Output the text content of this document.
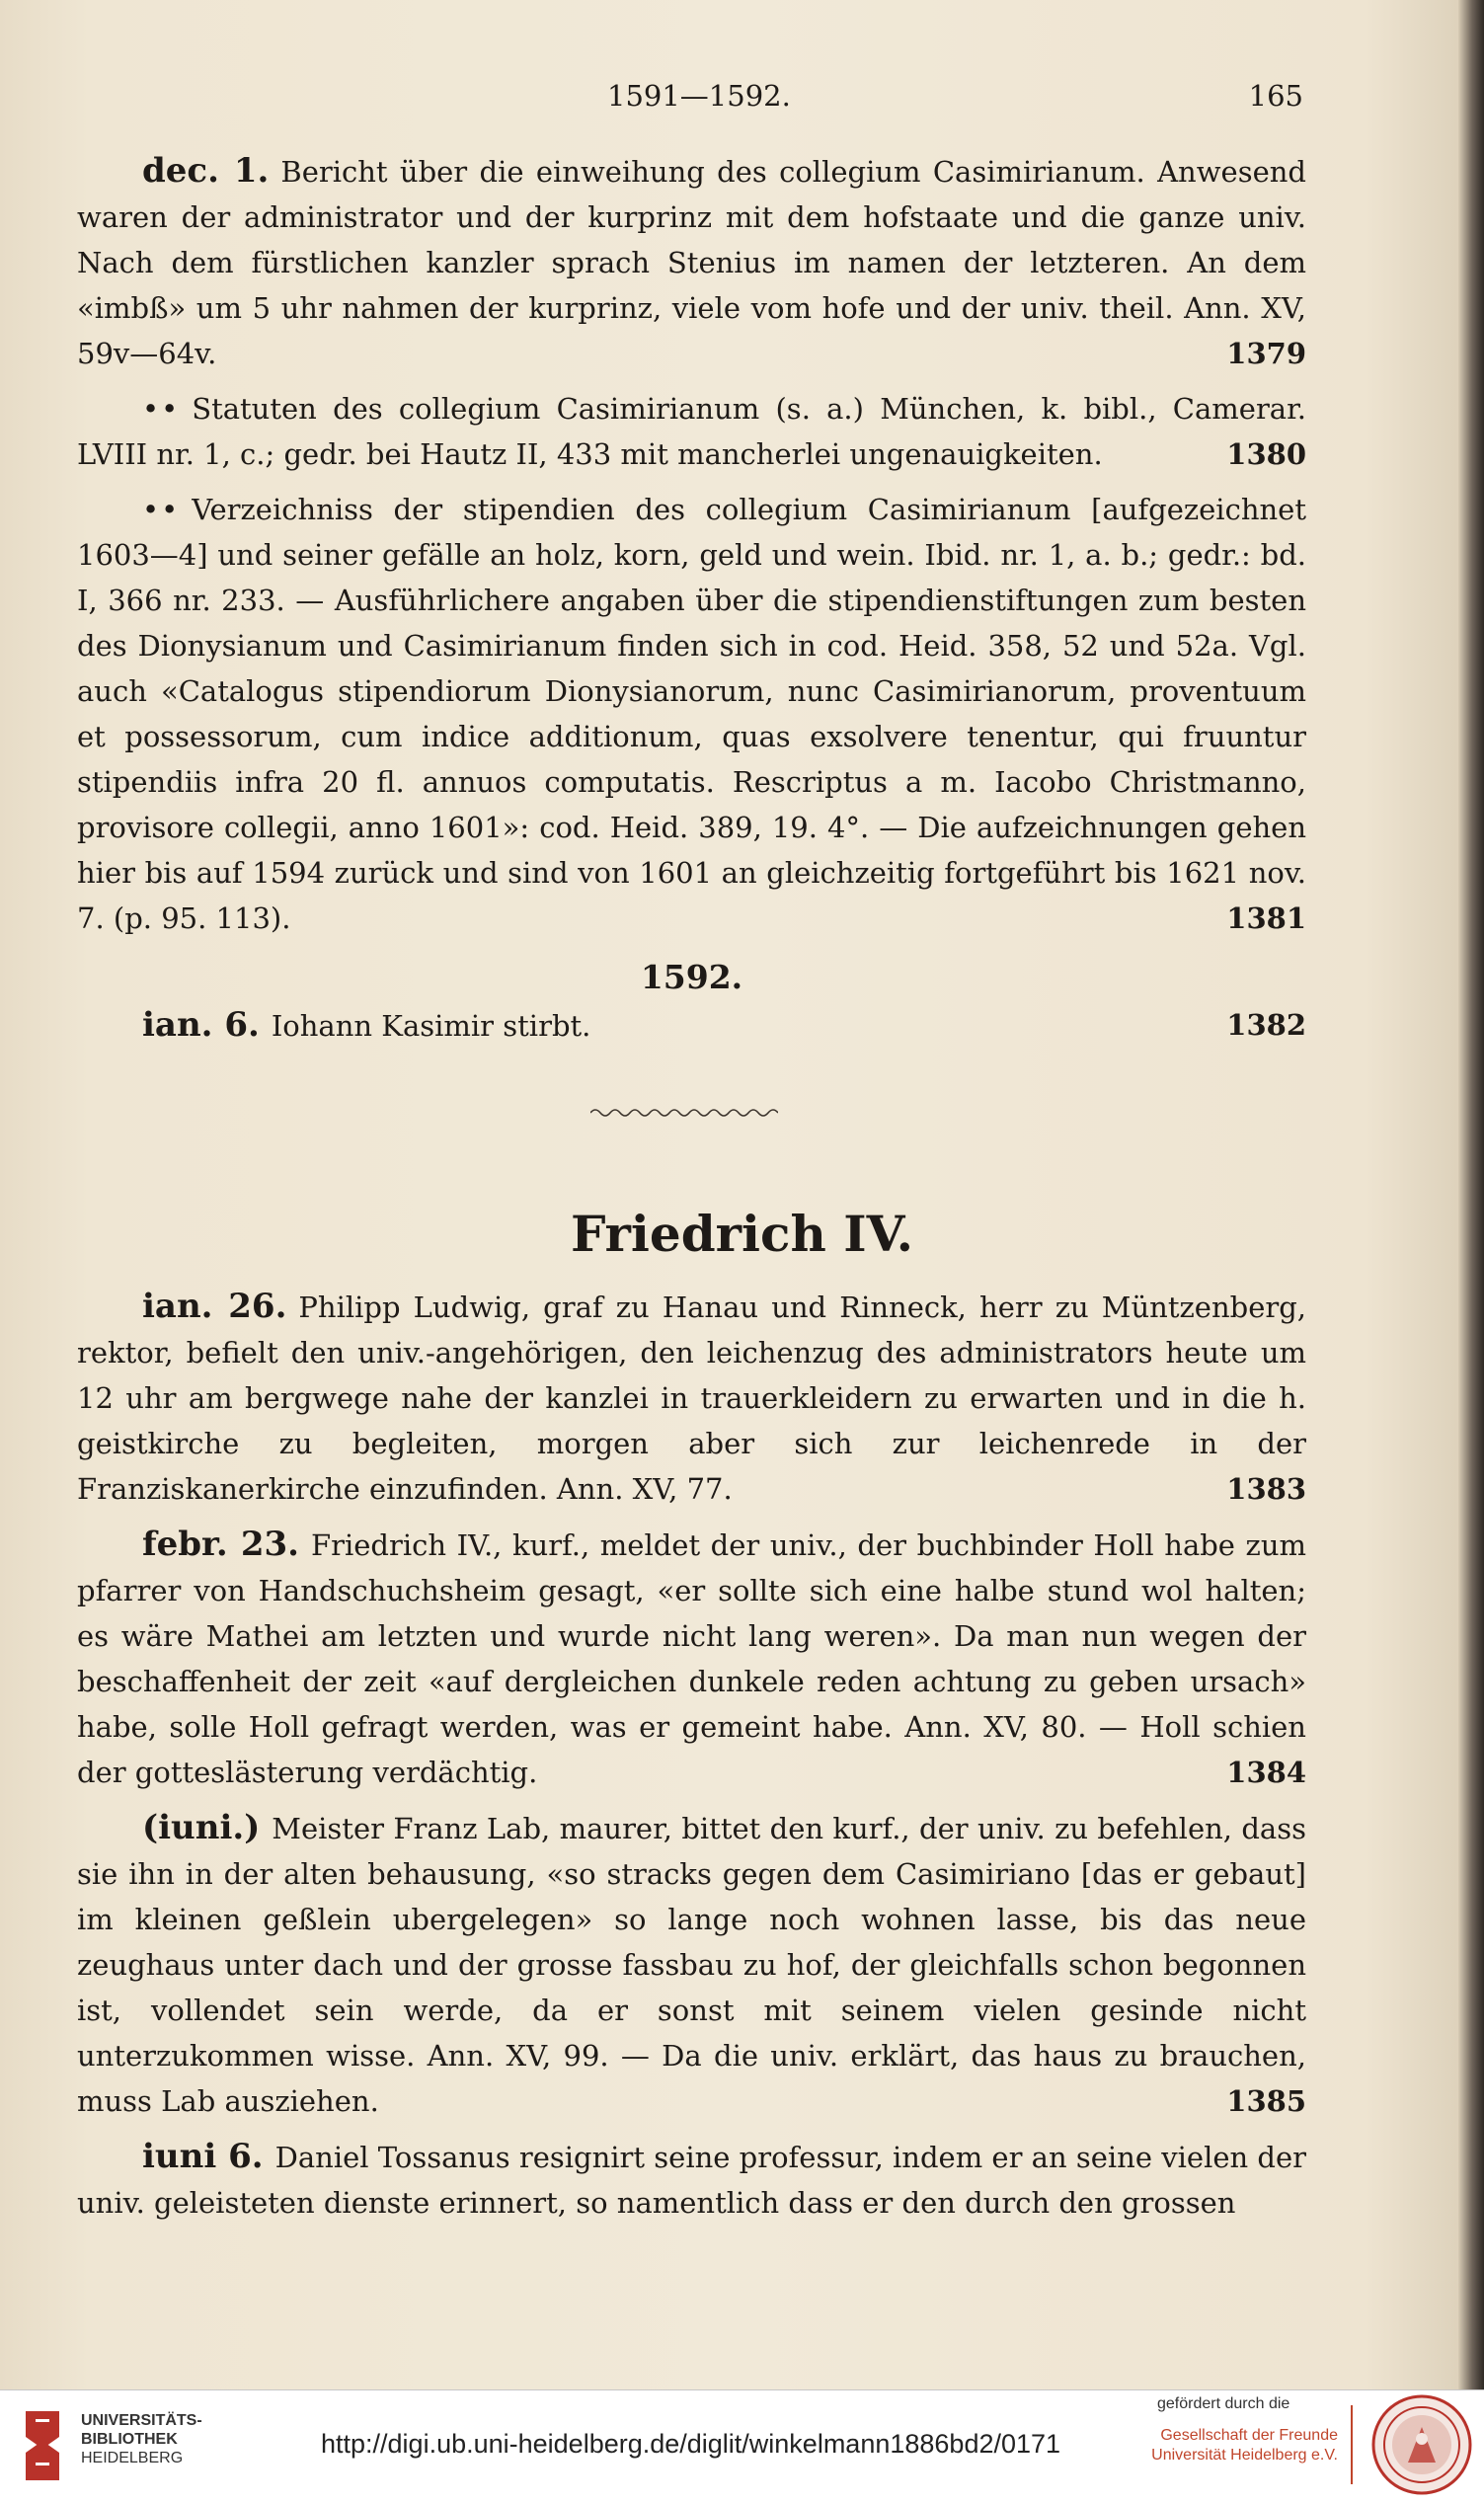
1591—1592.	165

dec. 1. Bericht über die einweihung des collegium Casimirianum. Anwesend waren der administrator und der kurprinz mit dem hofstaate und die ganze univ. Nach dem fürstlichen kanzler sprach Stenius im namen der letzteren. An dem «imbß» um 5 uhr nahmen der kurprinz, viele vom hofe und der univ. theil. Ann. XV, 59v—64v.	1379

•• Statuten des collegium Casimirianum (s. a.) München, k. bibl., Camerar. LVIII nr. 1, c.; gedr. bei Hautz II, 433 mit mancherlei ungenauigkeiten.	1380

•• Verzeichniss der stipendien des collegium Casimirianum [aufgezeichnet 1603—4] und seiner gefälle an holz, korn, geld und wein. Ibid. nr. 1, a. b.; gedr.: bd. I, 366 nr. 233. — Ausführlichere angaben über die stipendienstiftungen zum besten des Dionysianum und Casimirianum finden sich in cod. Heid. 358, 52 und 52a. Vgl. auch «Catalogus stipendiorum Dionysianorum, nunc Casimirianorum, proventuum et possessorum, cum indice additionum, quas exsolvere tenentur, qui fruuntur stipendiis infra 20 fl. annuos computatis. Rescriptus a m. Iacobo Christmanno, provisore collegii, anno 1601»: cod. Heid. 389, 19. 4°. — Die aufzeichnungen gehen hier bis auf 1594 zurück und sind von 1601 an gleichzeitig fortgeführt bis 1621 nov. 7. (p. 95. 113).	1381

1592.

ian. 6. Iohann Kasimir stirbt.	1382

Friedrich IV.

ian. 26. Philipp Ludwig, graf zu Hanau und Rinneck, herr zu Müntzenberg, rektor, befielt den univ.-angehörigen, den leichenzug des administrators heute um 12 uhr am bergwege nahe der kanzlei in trauerkleidern zu erwarten und in die h. geistkirche zu begleiten, morgen aber sich zur leichenrede in der Franziskanerkirche einzufinden. Ann. XV, 77.	1383

febr. 23. Friedrich IV., kurf., meldet der univ., der buchbinder Holl habe zum pfarrer von Handschuchsheim gesagt, «er sollte sich eine halbe stund wol halten; es wäre Mathei am letzten und wurde nicht lang weren». Da man nun wegen der beschaffenheit der zeit «auf dergleichen dunkele reden achtung zu geben ursach» habe, solle Holl gefragt werden, was er gemeint habe. Ann. XV, 80. — Holl schien der gotteslästerung verdächtig.	1384

(iuni.) Meister Franz Lab, maurer, bittet den kurf., der univ. zu befehlen, dass sie ihn in der alten behausung, «so stracks gegen dem Casimiriano [das er gebaut] im kleinen geßlein ubergelegen» so lange noch wohnen lasse, bis das neue zeughaus unter dach und der grosse fassbau zu hof, der gleichfalls schon begonnen ist, vollendet sein werde, da er sonst mit seinem vielen gesinde nicht unterzukommen wisse. Ann. XV, 99. — Da die univ. erklärt, das haus zu brauchen, muss Lab ausziehen.	1385

iuni 6. Daniel Tossanus resignirt seine professur, indem er an seine vielen der univ. geleisteten dienste erinnert, so namentlich dass er den durch den grossen

UNIVERSITÄTS-
BIBLIOTHEK
HEIDELBERG	http://digi.ub.uni-heidelberg.de/diglit/winkelmann1886bd2/0171
gefördert durch die
Gesellschaft der Freunde
Universität Heidelberg e.V.
